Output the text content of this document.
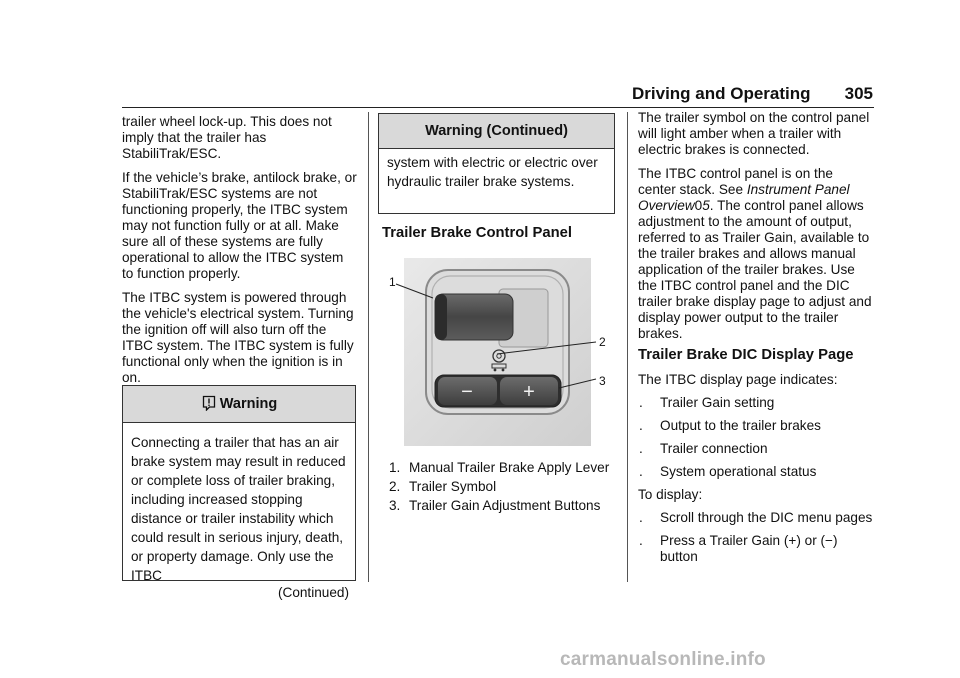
Driving and Operating 305

trailer wheel lock-up. This does not imply that the trailer has StabiliTrak/ESC.

If the vehicle’s brake, antilock brake, or StabiliTrak/ESC systems are not functioning properly, the ITBC system may not function fully or at all. Make sure all of these systems are fully operational to allow the ITBC system to function properly.

The ITBC system is powered through the vehicle's electrical system. Turning the ignition off will also turn off the ITBC system. The ITBC system is fully functional only when the ignition is in on.

Warning
Connecting a trailer that has an air brake system may result in reduced or complete loss of trailer braking, including increased stopping distance or trailer instability which could result in serious injury, death, or property damage. Only use the ITBC
(Continued)
Warning (Continued)
system with electric or electric over hydraulic trailer brake systems.
Trailer Brake Control Panel
−	+
1
2
3
1. Manual Trailer Brake Apply Lever
2. Trailer Symbol
3. Trailer Gain Adjustment Buttons

The trailer symbol on the control panel will light amber when a trailer with electric brakes is connected.

The ITBC control panel is on the center stack. See Instrument Panel Overview05. The control panel allows adjustment to the amount of output, referred to as Trailer Gain, available to the trailer brakes and allows manual application of the trailer brakes. Use the ITBC control panel and the DIC trailer brake display page to adjust and display power output to the trailer brakes.

Trailer Brake DIC Display Page

The ITBC display page indicates:

. Trailer Gain setting
. Output to the trailer brakes
. Trailer connection
. System operational status

To display:

. Scroll through the DIC menu pages
. Press a Trailer Gain (+) or (−) button
carmanualsonline.info
